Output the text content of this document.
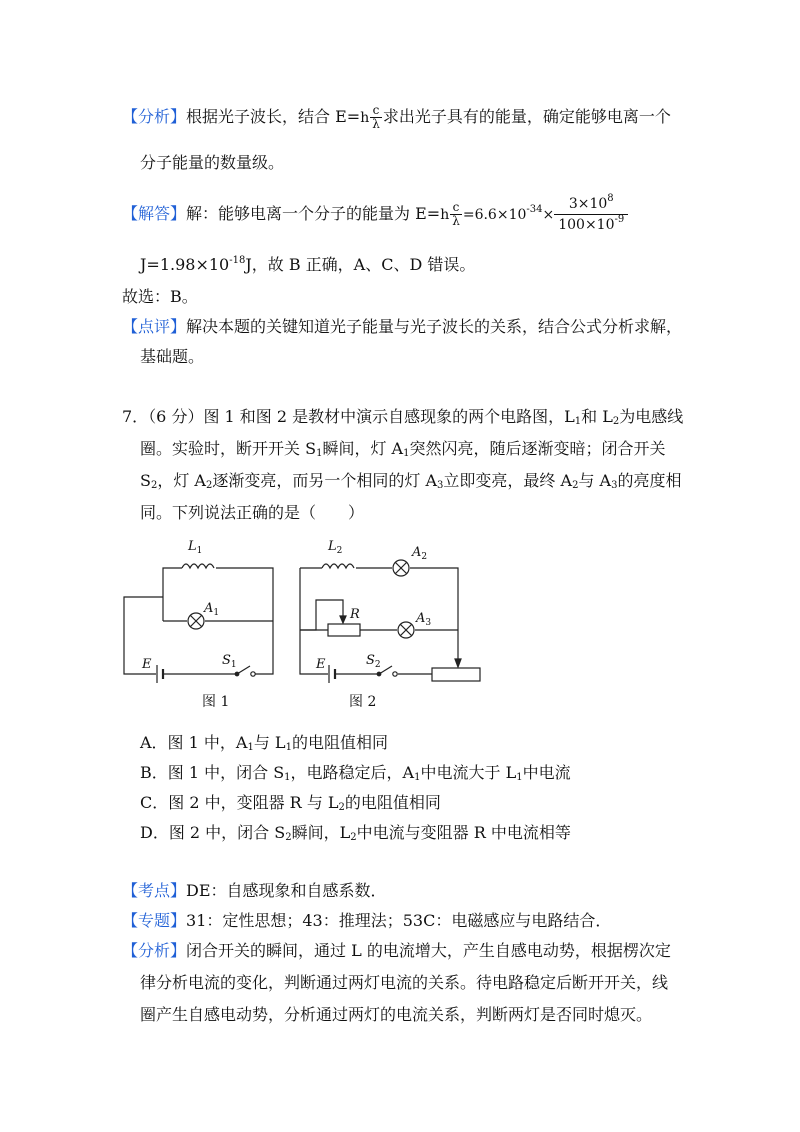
【分析】根据光子波长，结合 $E=h \frac{c}{\lambda}$ 求出光子具有的能量，确定能够电离一个
分子能量的数量级。
【解答】解：能够电离一个分子的能量为 $E=h \frac{c}{\lambda} =6.6\times 10^{-34}\times \frac{3\times 10^8}{100\times 10^{-9}}$
$J=1.98\times 10^{-18}J$，故 B 正确，A、C、D 错误。
故选：B。
【点评】解决本题的关键知道光子能量与光子波长的关系，结合公式分析求解，
基础题。
7．（6 分）图 1 和图 2 是教材中演示自感现象的两个电路图，$L_1$和 $L_2$为电感线
圈。实验时，断开开关 $S_1$瞬间，灯 $A_1$突然闪亮，随后逐渐变暗；闭合开关
$S_2$，灯 $A_2$逐渐变亮，而另一个相同的灯 $A_3$立即变亮，最终 $A_2$与 $A_3$的亮度相
同。下列说法正确的是（　　）
$L_1$	$L_2$
$A_1$
$A_2$
$A_3$
R
E	E
$S_1$	$S_2$
图 1	图 2
A．图 1 中，$A_1$与 $L_1$的电阻值相同
B．图 1 中，闭合 $S_1$，电路稳定后，$A_1$中电流大于 $L_1$中电流
C．图 2 中，变阻器 R 与 $L_2$的电阻值相同
D．图 2 中，闭合 $S_2$瞬间，$L_2$中电流与变阻器 R 中电流相等
【考点】DE：自感现象和自感系数．
【专题】31：定性思想；43：推理法；53C：电磁感应与电路结合．
【分析】闭合开关的瞬间，通过 L 的电流增大，产生自感电动势，根据楞次定
律分析电流的变化，判断通过两灯电流的关系。待电路稳定后断开开关，线
圈产生自感电动势，分析通过两灯的电流关系，判断两灯是否同时熄灭。
